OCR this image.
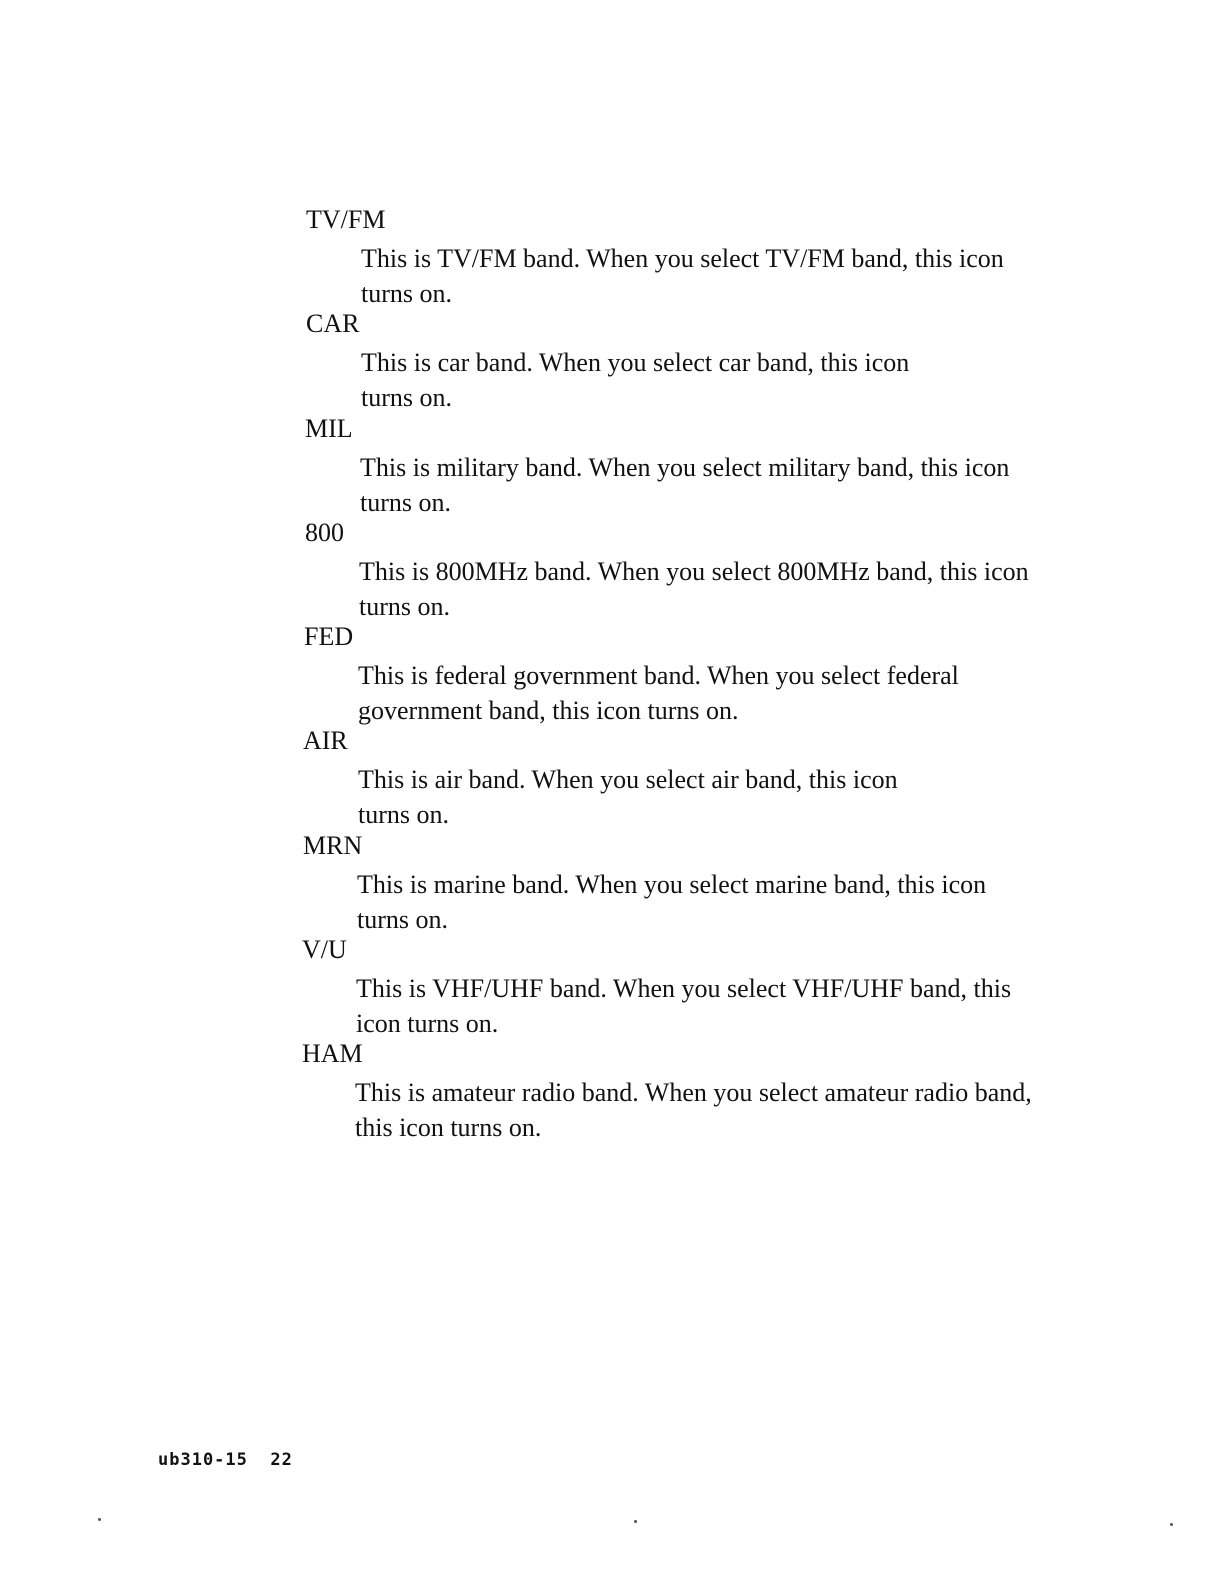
TV/FM
This is TV/FM band. When you select TV/FM band, this icon
turns on.
CAR
This is car band. When you select car band, this icon
turns on.
MIL
This is military band. When you select military band, this icon
turns on.
800
This is 800MHz band. When you select 800MHz band, this icon
turns on.
FED
This is federal government band. When you select federal
government band, this icon turns on.
AIR
This is air band. When you select air band, this icon
turns on.
MRN
This is marine band. When you select marine band, this icon
turns on.
V/U
This is VHF/UHF band. When you select VHF/UHF band, this
icon turns on.
HAM
This is amateur radio band. When you select amateur radio band,
this icon turns on.
ub310-15 22
